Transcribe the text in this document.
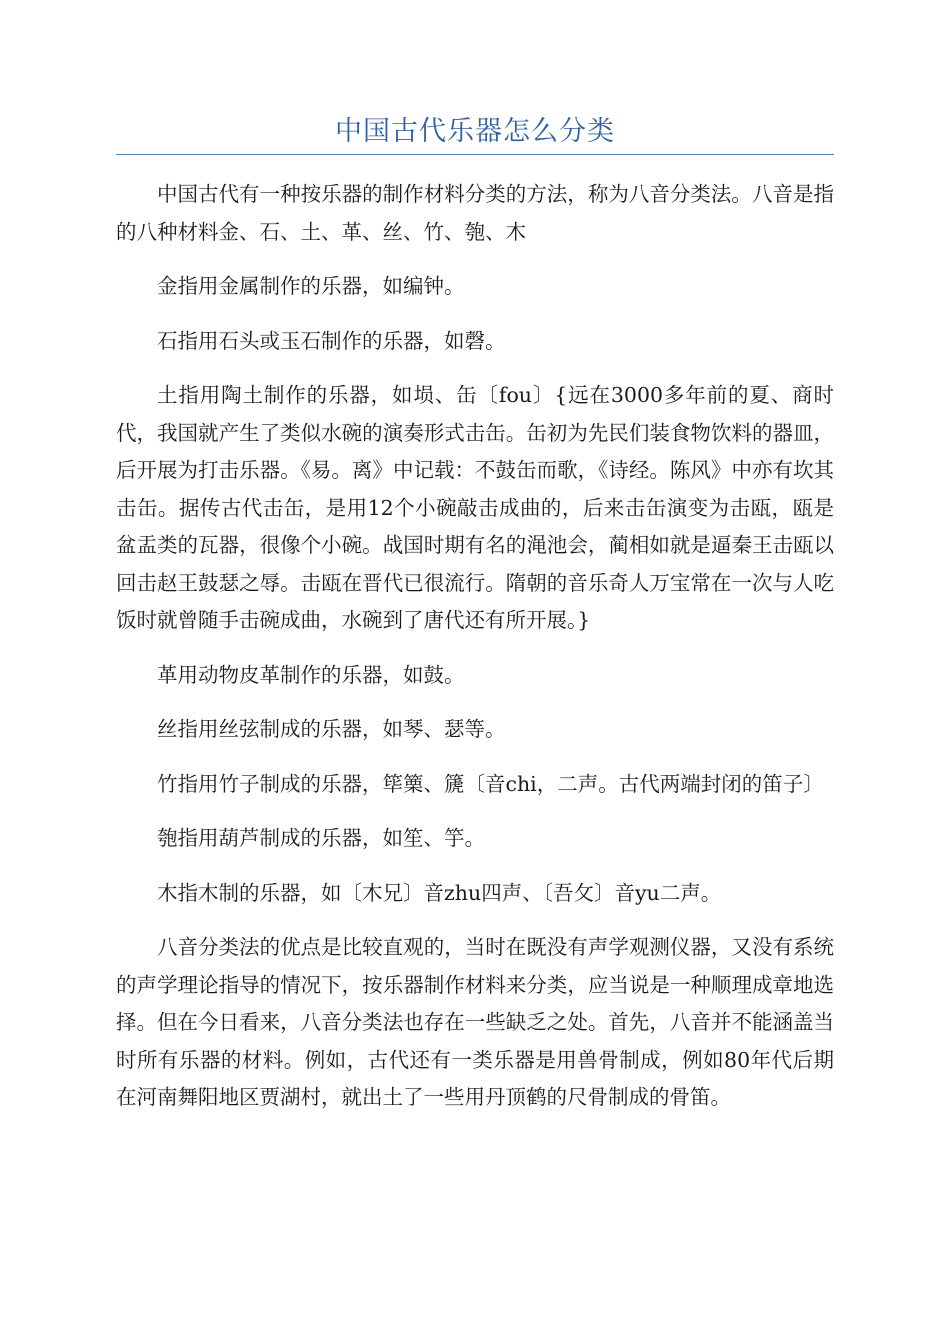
中国古代乐器怎么分类

中国古代有一种按乐器的制作材料分类的方法，称为八音分类法。八音是指的八种材料金、石、土、革、丝、竹、匏、木

金指用金属制作的乐器，如编钟。

石指用石头或玉石制作的乐器，如磬。

土指用陶土制作的乐器，如埙、缶〔fou〕{远在3000多年前的夏、商时代，我国就产生了类似水碗的演奏形式击缶。缶初为先民们装食物饮料的器皿，后开展为打击乐器。《易。离》中记载：不鼓缶而歌，《诗经。陈风》中亦有坎其击缶。据传古代击缶，是用12个小碗敲击成曲的，后来击缶演变为击瓯，瓯是盆盂类的瓦器，很像个小碗。战国时期有名的渑池会，蔺相如就是逼秦王击瓯以回击赵王鼓瑟之辱。击瓯在晋代已很流行。隋朝的音乐奇人万宝常在一次与人吃饭时就曾随手击碗成曲，水碗到了唐代还有所开展。}

革用动物皮革制作的乐器，如鼓。

丝指用丝弦制成的乐器，如琴、瑟等。

竹指用竹子制成的乐器，筚篥、篪〔音chi，二声。古代两端封闭的笛子〕

匏指用葫芦制成的乐器，如笙、竽。

木指木制的乐器，如〔木兄〕音zhu四声、〔吾攵〕音yu二声。

八音分类法的优点是比较直观的，当时在既没有声学观测仪器，又没有系统的声学理论指导的情况下，按乐器制作材料来分类，应当说是一种顺理成章地选择。但在今日看来，八音分类法也存在一些缺乏之处。首先，八音并不能涵盖当时所有乐器的材料。例如，古代还有一类乐器是用兽骨制成，例如80年代后期在河南舞阳地区贾湖村，就出土了一些用丹顶鹤的尺骨制成的骨笛。
